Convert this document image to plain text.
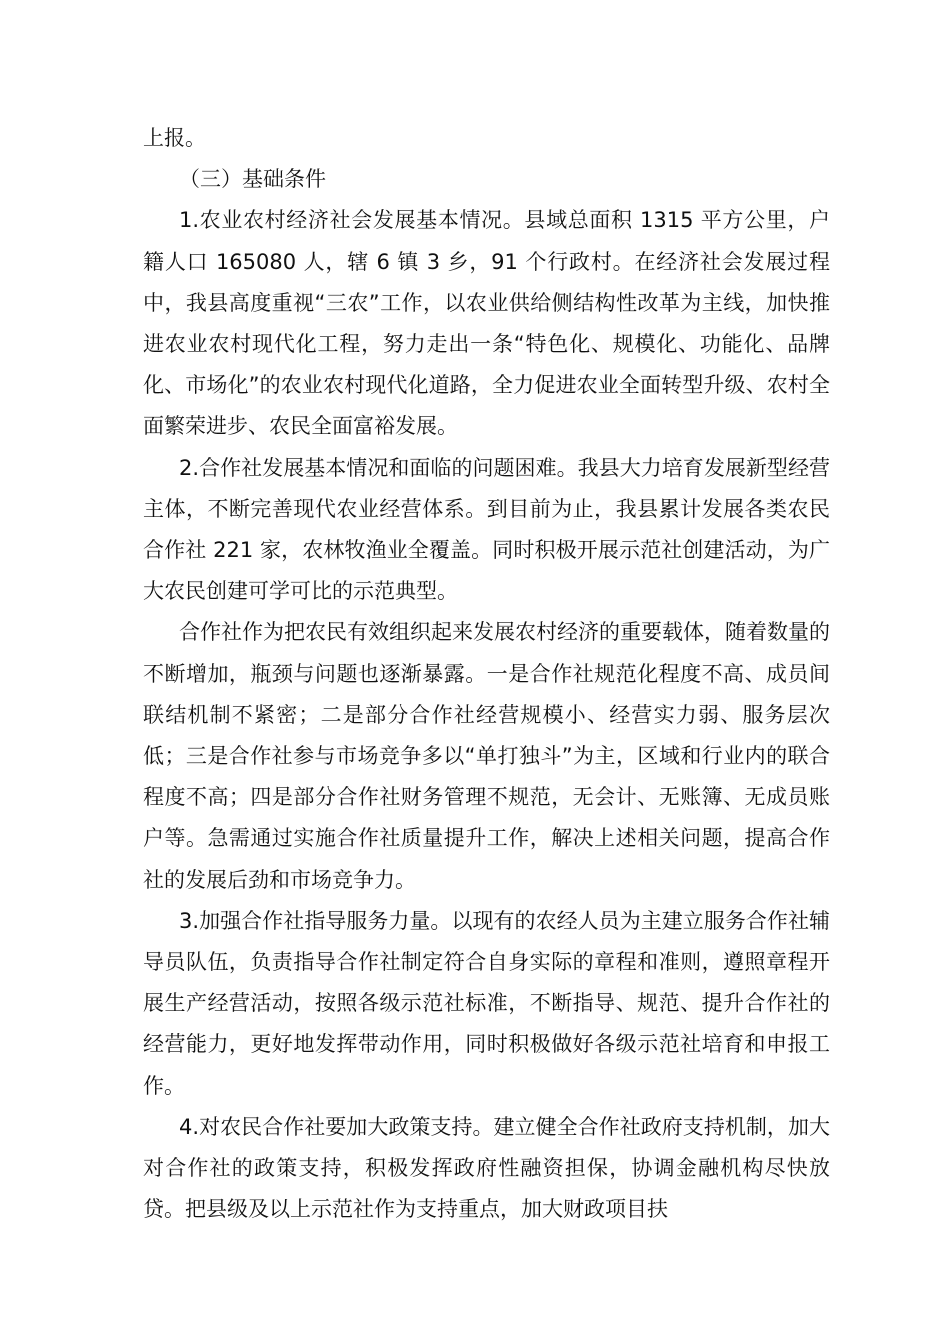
上报。

（三）基础条件

1.农业农村经济社会发展基本情况。县域总面积 1315 平方公里，户籍人口 165080 人，辖 6 镇 3 乡，91 个行政村。在经济社会发展过程中，我县高度重视“三农”工作，以农业供给侧结构性改革为主线，加快推进农业农村现代化工程，努力走出一条“特色化、规模化、功能化、品牌化、市场化”的农业农村现代化道路，全力促进农业全面转型升级、农村全面繁荣进步、农民全面富裕发展。

2.合作社发展基本情况和面临的问题困难。我县大力培育发展新型经营主体，不断完善现代农业经营体系。到目前为止，我县累计发展各类农民合作社 221 家，农林牧渔业全覆盖。同时积极开展示范社创建活动，为广大农民创建可学可比的示范典型。

合作社作为把农民有效组织起来发展农村经济的重要载体，随着数量的不断增加，瓶颈与问题也逐渐暴露。一是合作社规范化程度不高、成员间联结机制不紧密；二是部分合作社经营规模小、经营实力弱、服务层次低；三是合作社参与市场竞争多以“单打独斗”为主，区域和行业内的联合程度不高；四是部分合作社财务管理不规范，无会计、无账簿、无成员账户等。急需通过实施合作社质量提升工作，解决上述相关问题，提高合作社的发展后劲和市场竞争力。

3.加强合作社指导服务力量。以现有的农经人员为主建立服务合作社辅导员队伍，负责指导合作社制定符合自身实际的章程和准则，遵照章程开展生产经营活动，按照各级示范社标准，不断指导、规范、提升合作社的经营能力，更好地发挥带动作用，同时积极做好各级示范社培育和申报工作。

4.对农民合作社要加大政策支持。建立健全合作社政府支持机制，加大对合作社的政策支持，积极发挥政府性融资担保，协调金融机构尽快放贷。把县级及以上示范社作为支持重点，加大财政项目扶
